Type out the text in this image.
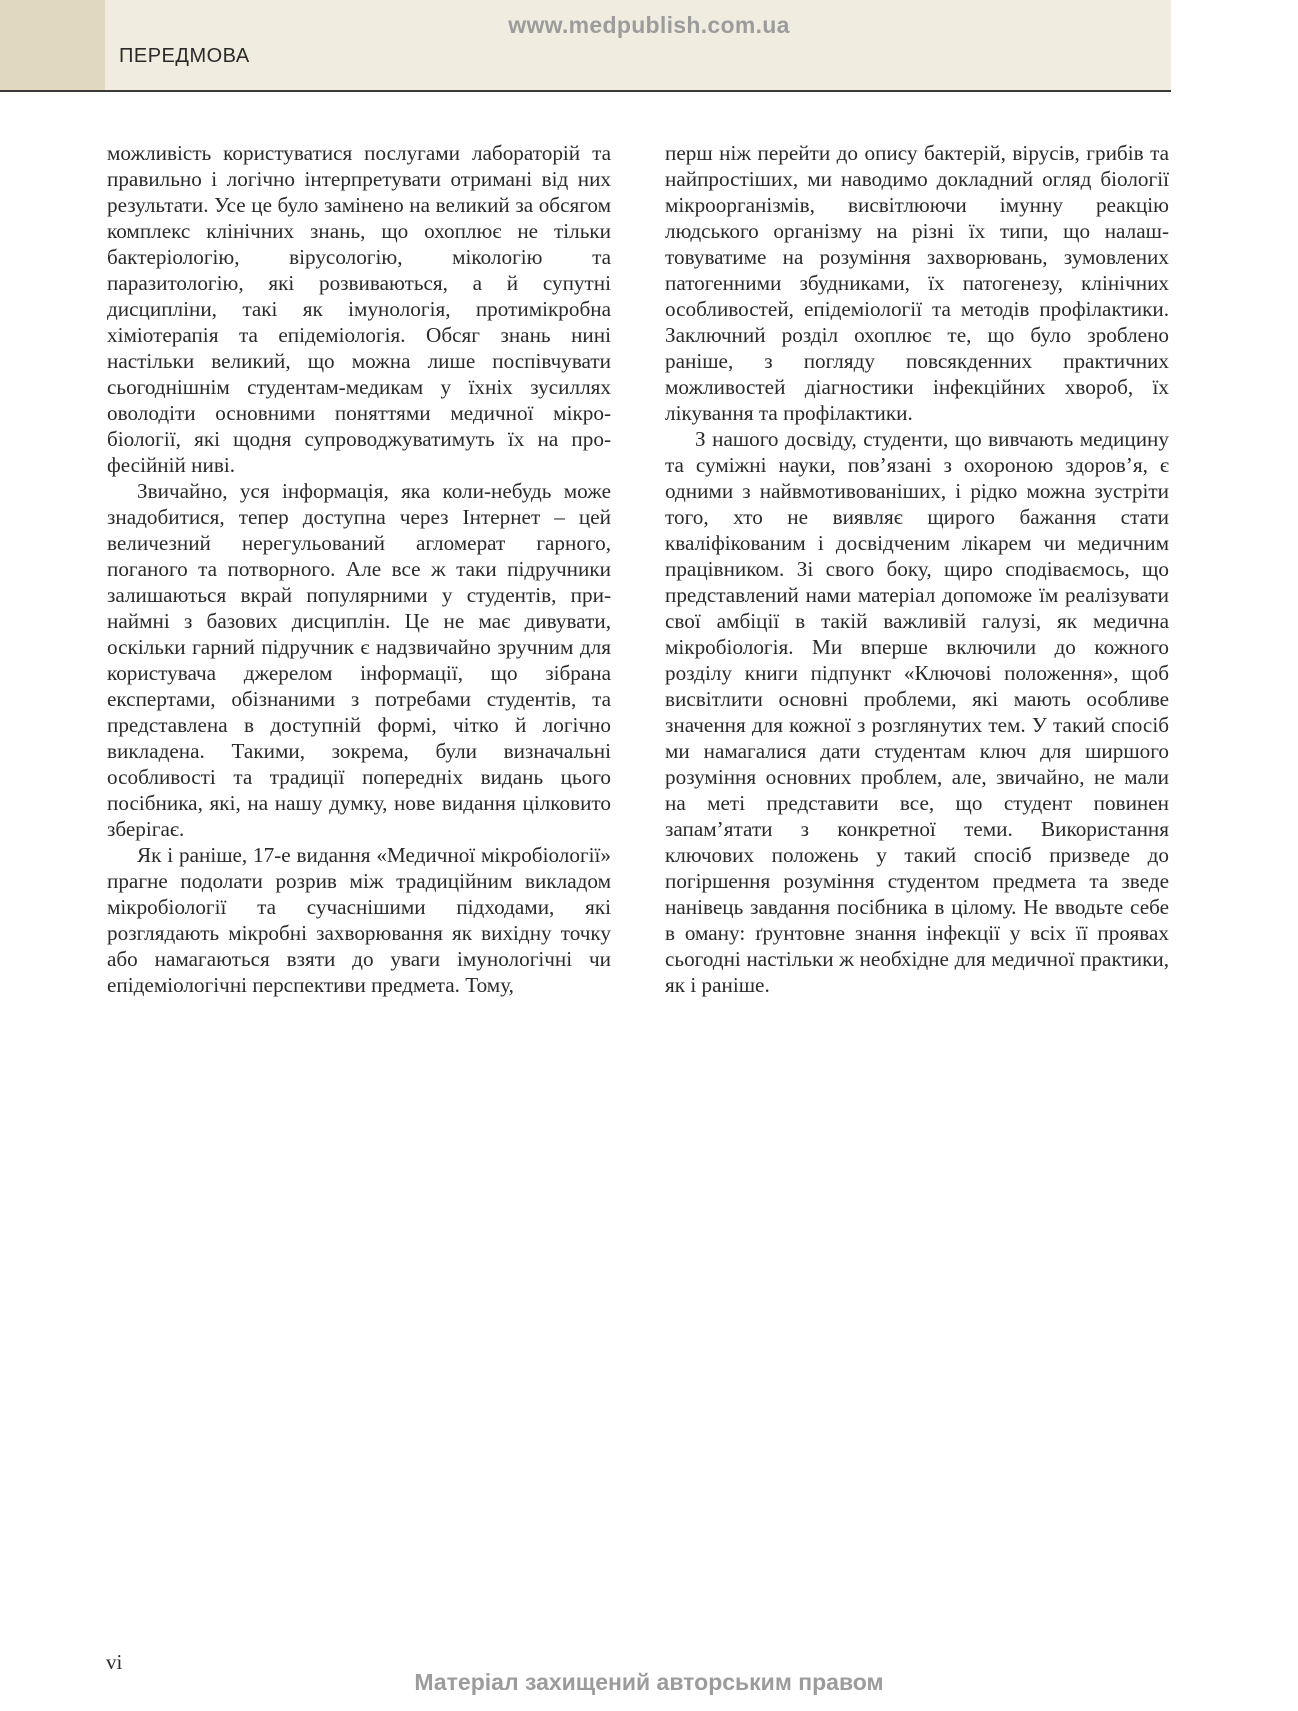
www.medpublish.com.ua
ПЕРЕДМОВА

можливість користуватися послугами лабораторій та правильно і логічно інтерпретувати отримані від них результати. Усе це було замінено на великий за обсягом комплекс клінічних знань, що охоплює не тільки бактеріологію, вірусологію, мікологію та паразитологію, які розвиваються, а й супутні дисципліни, такі як імунологія, протимікробна хіміотерапія та епідеміологія. Обсяг знань нині настільки великий, що можна лише поспівчувати сьогоднішнім студентам-медикам у їхніх зусиллях оволодіти основними поняттями медичної мікробіології, які щодня супроводжуватимуть їх на професійній ниві.

Звичайно, уся інформація, яка коли-небудь може знадобитися, тепер доступна через Інтернет – цей величезний нерегульований агломерат гарного, поганого та потворного. Але все ж таки підручники залишаються вкрай популярними у студентів, принаймні з базових дисциплін. Це не має дивувати, оскільки гарний підручник є надзвичайно зручним для користувача джерелом інформації, що зібрана експертами, обізнаними з потребами студентів, та представлена в доступній формі, чітко й логічно викладена. Такими, зокрема, були визначальні особливості та традиції попередніх видань цього посібника, які, на нашу думку, нове видання цілковито зберігає.

Як і раніше, 17-е видання «Медичної мікробіології» прагне подолати розрив між традиційним викладом мікробіології та сучаснішими підходами, які розглядають мікробні захворювання як вихідну точку або намагаються взяти до уваги імунологічні чи епідеміологічні перспективи предмета. Тому,

перш ніж перейти до опису бактерій, вірусів, грибів та найпростіших, ми наводимо докладний огляд біології мікроорганізмів, висвітлюючи імунну реакцію людського організму на різні їх типи, що налаштовуватиме на розуміння захворювань, зумовлених патогенними збудниками, їх патогенезу, клінічних особливостей, епідеміології та методів профілактики. Заключний розділ охоплює те, що було зроблено раніше, з погляду повсякденних практичних можливостей діагностики інфекційних хвороб, їх лікування та профілактики.

З нашого досвіду, студенти, що вивчають медицину та суміжні науки, пов’язані з охороною здоров’я, є одними з найвмотивованіших, і рідко можна зустріти того, хто не виявляє щирого бажання стати кваліфікованим і досвідченим лікарем чи медичним працівником. Зі свого боку, щиро сподіваємось, що представлений нами матеріал допоможе їм реалізувати свої амбіції в такій важливій галузі, як медична мікробіологія. Ми вперше включили до кожного розділу книги підпункт «Ключові положення», щоб висвітлити основні проблеми, які мають особливе значення для кожної з розглянутих тем. У такий спосіб ми намагалися дати студентам ключ для ширшого розуміння основних проблем, але, звичайно, не мали на меті представити все, що студент повинен запам’ятати з конкретної теми. Використання ключових положень у такий спосіб призведе до погіршення розуміння студентом предмета та зведе нанівець завдання посібника в цілому. Не вводьте себе в оману: ґрунтовне знання інфекції у всіх її проявах сьогодні настільки ж необхідне для медичної практики, як і раніше.

vi
Матеріал захищений авторським правом
